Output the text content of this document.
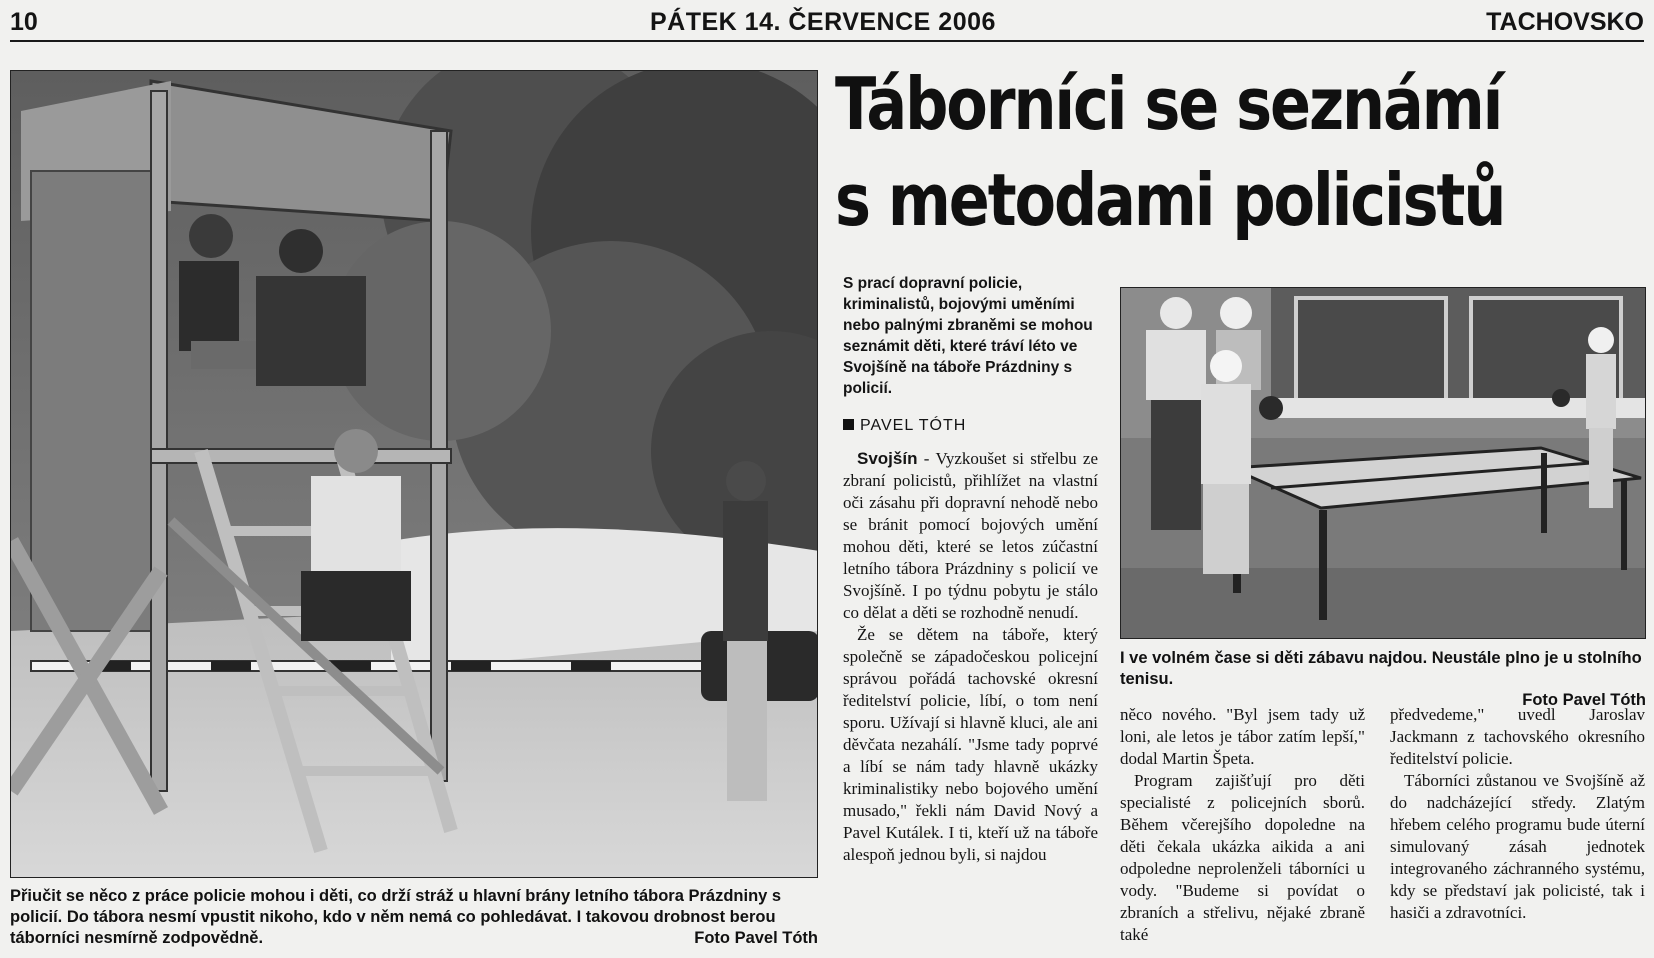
10	PÁTEK 14. ČERVENCE 2006	TACHOVSKO
Přiučit se něco z práce policie mohou i děti, co drží stráž u hlavní brány letního tábora Prázdniny s policií. Do tábora nesmí vpustit nikoho, kdo v něm nemá co pohledávat. I takovou drobnost berou táborníci nesmírně zodpovědně.	Foto Pavel Tóth
Táborníci se seznámí
s metodami policistů
S prací dopravní policie, kriminalistů, bojovými uměními nebo palnými zbraněmi se mohou seznámit děti, které tráví léto ve Svojšíně na táboře Prázdniny s policií.
PAVEL TÓTH
I ve volném čase si děti zábavu najdou. Neustále plno je u stolního tenisu.
Foto Pavel Tóth

Svojšín - Vyzkoušet si střelbu ze zbraní policistů, přihlížet na vlastní oči zásahu při dopravní nehodě nebo se bránit pomocí bojových umění mohou děti, které se letos zúčastní letního tábora Prázdniny s policií ve Svojšíně. I po týdnu pobytu je stálo co dělat a děti se rozhodně nenudí.

Že se dětem na táboře, který společně se západočeskou policejní správou pořádá tachovské okresní ředitelství policie, líbí, o tom není sporu. Užívají si hlavně kluci, ale ani děvčata nezahálí. "Jsme tady poprvé a líbí se nám tady hlavně ukázky kriminalistiky nebo bojového umění musado," řekli nám David Nový a Pavel Kutálek. I ti, kteří už na táboře alespoň jednou byli, si najdou

něco nového. "Byl jsem tady už loni, ale letos je tábor zatím lepší," dodal Martin Špeta.

Program zajišťují pro děti specialisté z policejních sborů. Během včerejšího dopoledne na děti čekala ukázka aikida a ani odpoledne neprolenželi táborníci u vody. "Budeme si povídat o zbraních a střelivu, nějaké zbraně také

předvedeme," uvedl Jaroslav Jackmann z tachovského okresního ředitelství policie.

Táborníci zůstanou ve Svojšíně až do nadcházející středy. Zlatým hřebem celého programu bude úterní simulovaný zásah jednotek integrovaného záchranného systému, kdy se představí jak policisté, tak i hasiči a zdravotníci.
